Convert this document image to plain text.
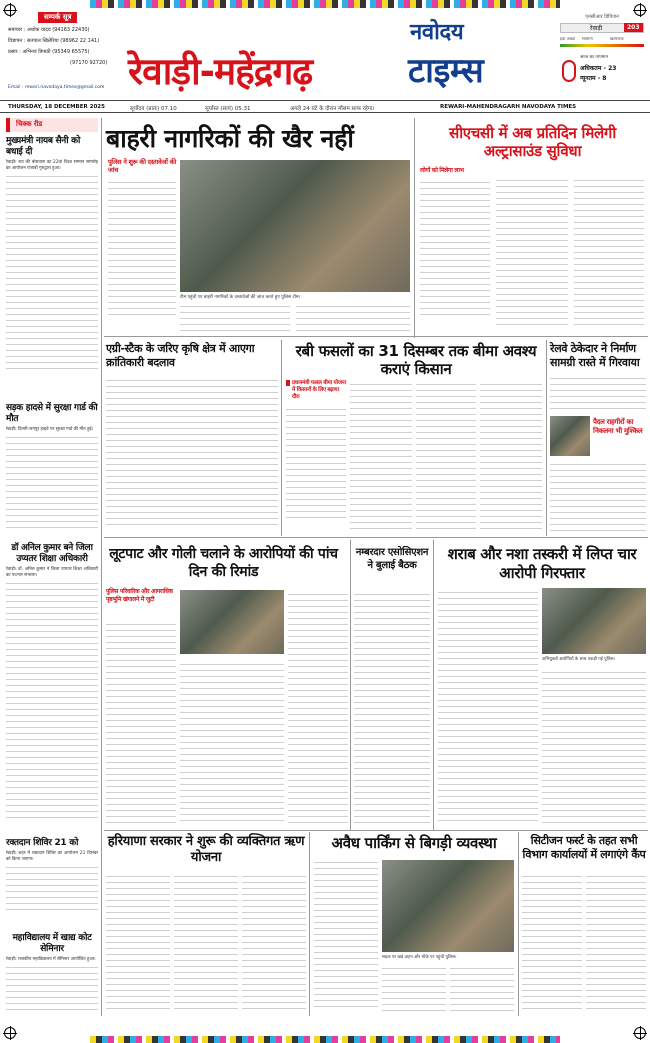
सम्पर्क सूत्र
समाचार : अशोक यादव (94163 22430)
विज्ञापन : सतपाल खिलेरिया (98962 22 141)
प्रसार : अभिनव त्रिपाठी (95349 65575)
(97170 92720)
Email : rewari.navodaya.times@gmail.com
नवोदय
रेवाड़ी-महेंद्रगढ़	टाइम्स
एनसीआर डिविजन
रेवाड़ी	203
हवा अच्छा सामान्य	खतरनाक
आज का तापमान
अधिकतम - 23
न्यूनतम - 8
THURSDAY, 18 DECEMBER 2025	सूर्योदय (प्रातः) 07.10	सूर्यास्त (सायं) 05.31	अगले 24 घंटे के दौरान मौसम साफ रहेगा।	REWARI-MAHENDRAGARH NAVODAYA TIMES
चिक्क रीड
मुख्यमंत्री नायब सैनी को बधाई दी
रेवाड़ी। राव की बोरावास का 22वां विश्व सम्मान समारोह का आयोजन पंजाबी गुरुद्वारा हुआ।
सड़क हादसे में सुरक्षा गार्ड की मौत
रेवाड़ी। दिल्ली-जयपुर हाइवे पर सुरक्षा गार्ड की मौत हुई।
डॉ अनिल कुमार बने जिला उप्यतर शिक्षा अधिकारी
रेवाड़ी। डॉ. अनिल कुमार ने जिला उप्यतर शिक्षा अधिकारी का पदभार संभाला।
रक्तदान शिविर 21 को
रेवाड़ी। शहर में रक्तदान शिविर का आयोजन 21 दिसंबर को किया जाएगा।
महाविद्यालय में खाद्य कोट सेमिनार
रेवाड़ी। राजकीय महाविद्यालय में सेमिनार आयोजित हुआ।
बाहरी नागरिकों की खैर नहीं
पुलिस ने शुरू की दस्तावेजों की जांच
टीम पहुंची पर बाहरी नागरिकों के दस्तावेजों की जांच करते हुए पुलिस टीम।
सीएचसी में अब प्रतिदिन मिलेगी अल्ट्रासाउंड सुविधा
लोगों को मिलेगा लाभ
एग्री-स्टैक के जरिए कृषि क्षेत्र में आएगा क्रांतिकारी बदलाव
रबी फसलों का 31 दिसम्बर तक बीमा अवश्य कराएं किसान
प्रधानमंत्री फसल बीमा योजना में किसानों के लिए बढ़ाया दौरा
रेलवे ठेकेदार ने निर्माण सामग्री रास्ते में गिरवाया
पैदल राहगीरों का निकलना भी मुश्किल
लूटपाट और गोली चलाने के आरोपियों की पांच दिन की रिमांड
पुलिस परिवारिक और आपराधिक पृष्ठभूमि खंगालने में जुटी
नम्बरदार एसोसिएशन ने बुलाई बैठक
शराब और नशा तस्करी में लिप्त चार आरोपी गिरफ्तार
अभियुक्तों आरोपियों के साथ पकड़ी गई पुलिस।
हरियाणा सरकार ने शुरू की व्यक्तिगत ऋण योजना
अवैध पार्किंग से बिगड़ी व्यवस्था
सड़क पर खड़े वाहन और मौके पर पहुंची पुलिस।
सिटीजन फर्स्ट के तहत सभी विभाग कार्यालयों में लगाएंगे कैंप
